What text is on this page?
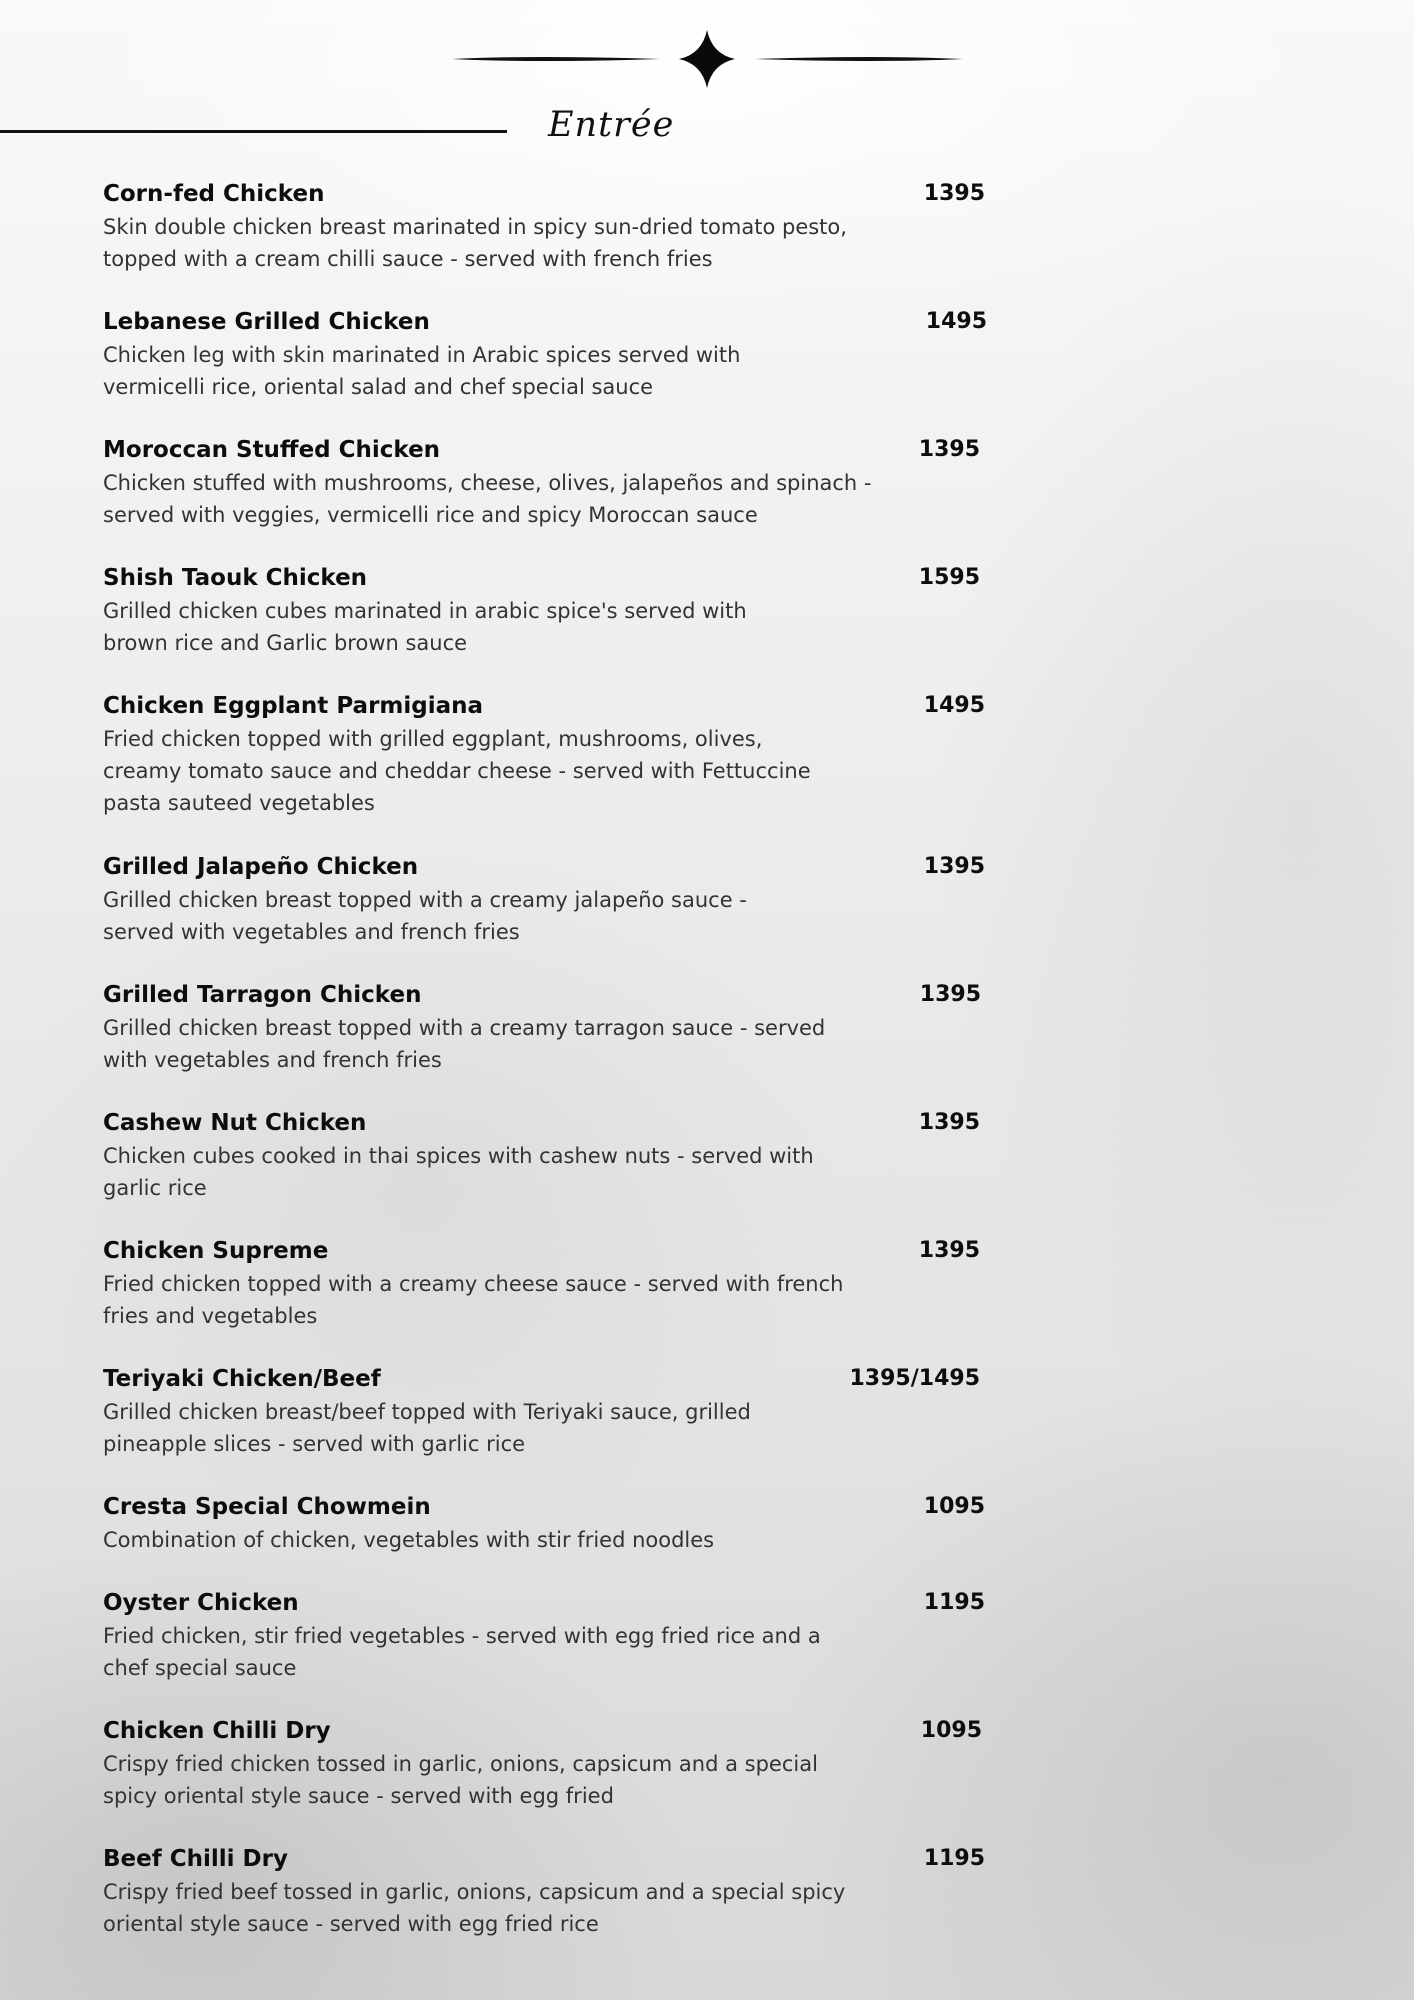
Entrée
Corn-fed Chicken	1395
Skin double chicken breast marinated in spicy sun-dried tomato pesto, topped with a cream chilli sauce - served with french fries
Lebanese Grilled Chicken	1495
Chicken leg with skin marinated in Arabic spices served with vermicelli rice, oriental salad and chef special sauce
Moroccan Stuffed Chicken	1395
Chicken stuffed with mushrooms, cheese, olives, jalapeños and spinach - served with veggies, vermicelli rice and spicy Moroccan sauce
Shish Taouk Chicken	1595
Grilled chicken cubes marinated in arabic spice's served with brown rice and Garlic brown sauce
Chicken Eggplant Parmigiana	1495
Fried chicken topped with grilled eggplant, mushrooms, olives, creamy tomato sauce and cheddar cheese - served with Fettuccine pasta sauteed vegetables
Grilled Jalapeño Chicken	1395
Grilled chicken breast topped with a creamy jalapeño sauce - served with vegetables and french fries
Grilled Tarragon Chicken	1395
Grilled chicken breast topped with a creamy tarragon sauce - served with vegetables and french fries
Cashew Nut Chicken	1395
Chicken cubes cooked in thai spices with cashew nuts - served with garlic rice
Chicken Supreme	1395
Fried chicken topped with a creamy cheese sauce - served with french fries and vegetables
Teriyaki Chicken/Beef	1395/1495
Grilled chicken breast/beef topped with Teriyaki sauce, grilled pineapple slices - served with garlic rice
Cresta Special Chowmein	1095
Combination of chicken, vegetables with stir fried noodles
Oyster Chicken	1195
Fried chicken, stir fried vegetables - served with egg fried rice and a chef special sauce
Chicken Chilli Dry	1095
Crispy fried chicken tossed in garlic, onions, capsicum and a special spicy oriental style sauce - served with egg fried
Beef Chilli Dry	1195
Crispy fried beef tossed in garlic, onions, capsicum and a special spicy oriental style sauce - served with egg fried rice
